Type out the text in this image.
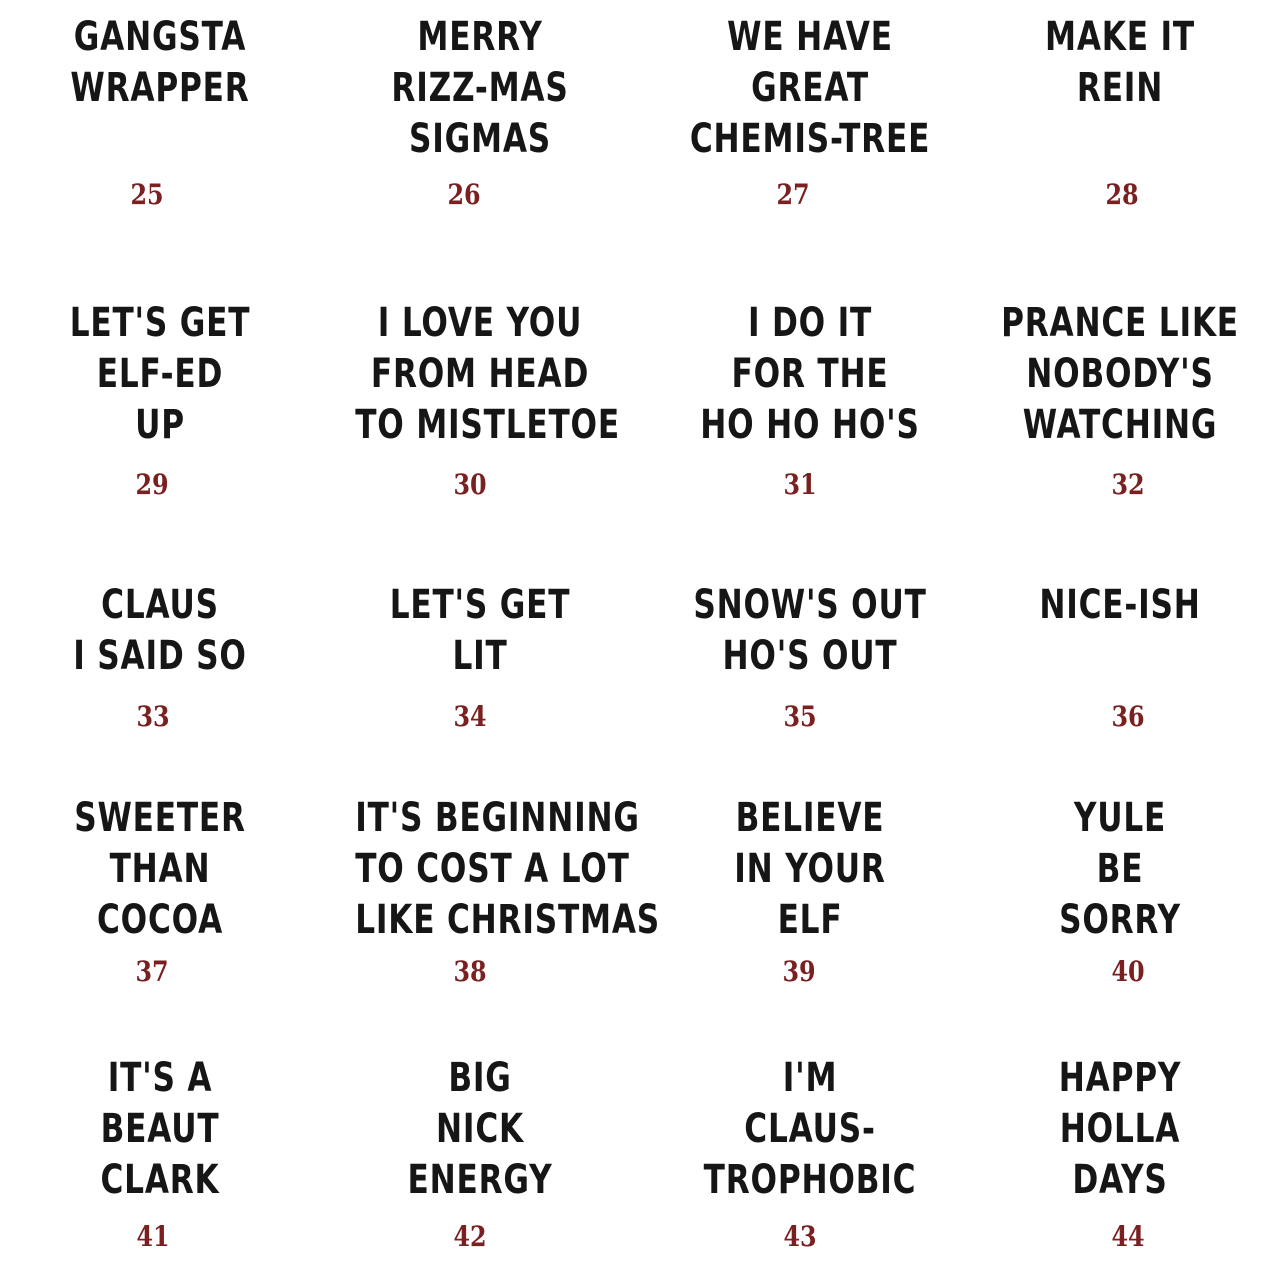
GANGSTA
WRAPPER
25
MERRY
RIZZ-MAS
SIGMAS
26
WE HAVE
GREAT
CHEMIS-TREE
27
MAKE IT
REIN
28
LET'S GET
ELF-ED
UP
29
I LOVE YOU
FROM HEAD
TO MISTLETOE
30
I DO IT
FOR THE
HO HO HO'S
31
PRANCE LIKE
NOBODY'S
WATCHING
32
CLAUS
I SAID SO
33
LET'S GET
LIT
34
SNOW'S OUT
HO'S OUT
35
NICE-ISH
36
SWEETER
THAN
COCOA
37
IT'S BEGINNING
TO COST A LOT
LIKE CHRISTMAS
38
BELIEVE
IN YOUR
ELF
39
YULE
BE
SORRY
40
IT'S A
BEAUT
CLARK
41
BIG
NICK
ENERGY
42
I'M
CLAUS-
TROPHOBIC
43
HAPPY
HOLLA
DAYS
44
